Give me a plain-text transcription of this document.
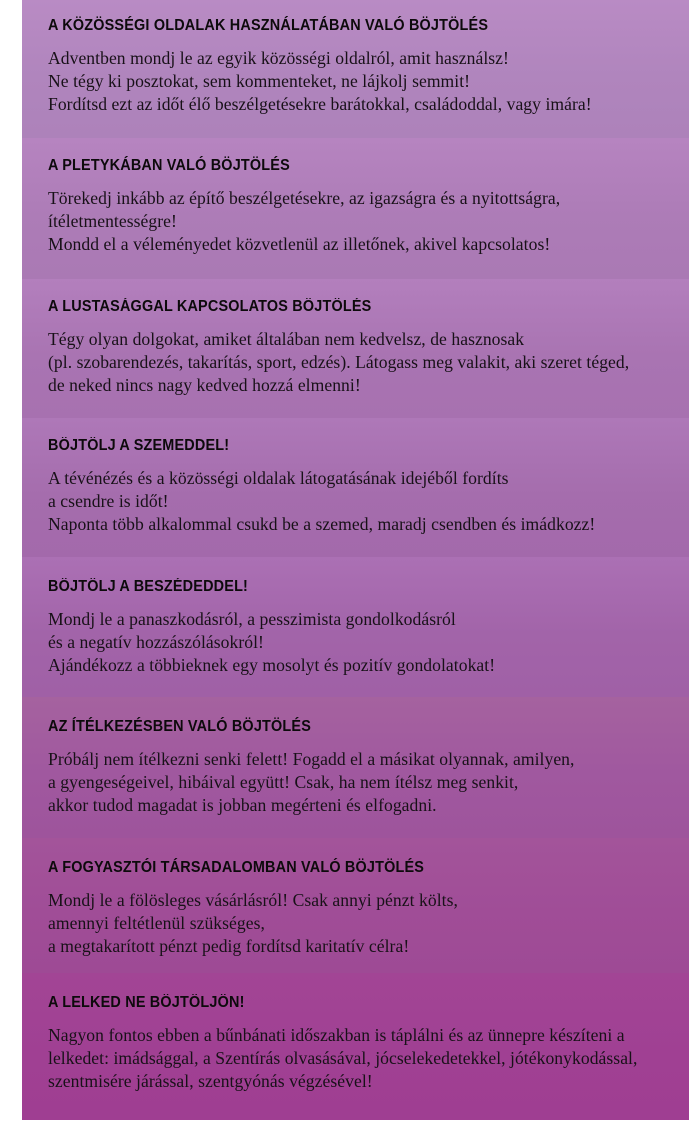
A KÖZÖSSÉGI OLDALAK HASZNÁLATÁBAN VALÓ BÖJTÖLÉS

Adventben mondj le az egyik közösségi oldalról, amit használsz!
Ne tégy ki posztokat, sem kommenteket, ne lájkolj semmit!
Fordítsd ezt az időt élő beszélgetésekre barátokkal, családoddal, vagy imára!

A PLETYKÁBAN VALÓ BÖJTÖLÉS

Törekedj inkább az építő beszélgetésekre, az igazságra és a nyitottságra,
ítéletmentességre!
Mondd el a véleményedet közvetlenül az illetőnek, akivel kapcsolatos!

A LUSTASÁGGAL KAPCSOLATOS BÖJTÖLÉS

Tégy olyan dolgokat, amiket általában nem kedvelsz, de hasznosak
(pl. szobarendezés, takarítás, sport, edzés). Látogass meg valakit, aki szeret téged,
de neked nincs nagy kedved hozzá elmenni!

BÖJTÖLJ A SZEMEDDEL!

A tévénézés és a közösségi oldalak látogatásának idejéből fordíts
a csendre is időt!
Naponta több alkalommal csukd be a szemed, maradj csendben és imádkozz!

BÖJTÖLJ A BESZÉDEDDEL!

Mondj le a panaszkodásról, a pesszimista gondolkodásról
és a negatív hozzászólásokról!
Ajándékozz a többieknek egy mosolyt és pozitív gondolatokat!

AZ ÍTÉLKEZÉSBEN VALÓ BÖJTÖLÉS

Próbálj nem ítélkezni senki felett! Fogadd el a másikat olyannak, amilyen,
a gyengeségeivel, hibáival együtt! Csak, ha nem ítélsz meg senkit,
akkor tudod magadat is jobban megérteni és elfogadni.

A FOGYASZTÓI TÁRSADALOMBAN VALÓ BÖJTÖLÉS

Mondj le a fölösleges vásárlásról! Csak annyi pénzt költs,
amennyi feltétlenül szükséges,
a megtakarított pénzt pedig fordítsd karitatív célra!

A LELKED NE BÖJTÖLJÖN!

Nagyon fontos ebben a bűnbánati időszakban is táplálni és az ünnepre készíteni a
lelkedet: imádsággal, a Szentírás olvasásával, jócselekedetekkel, jótékonykodással,
szentmisére járással, szentgyónás végzésével!
